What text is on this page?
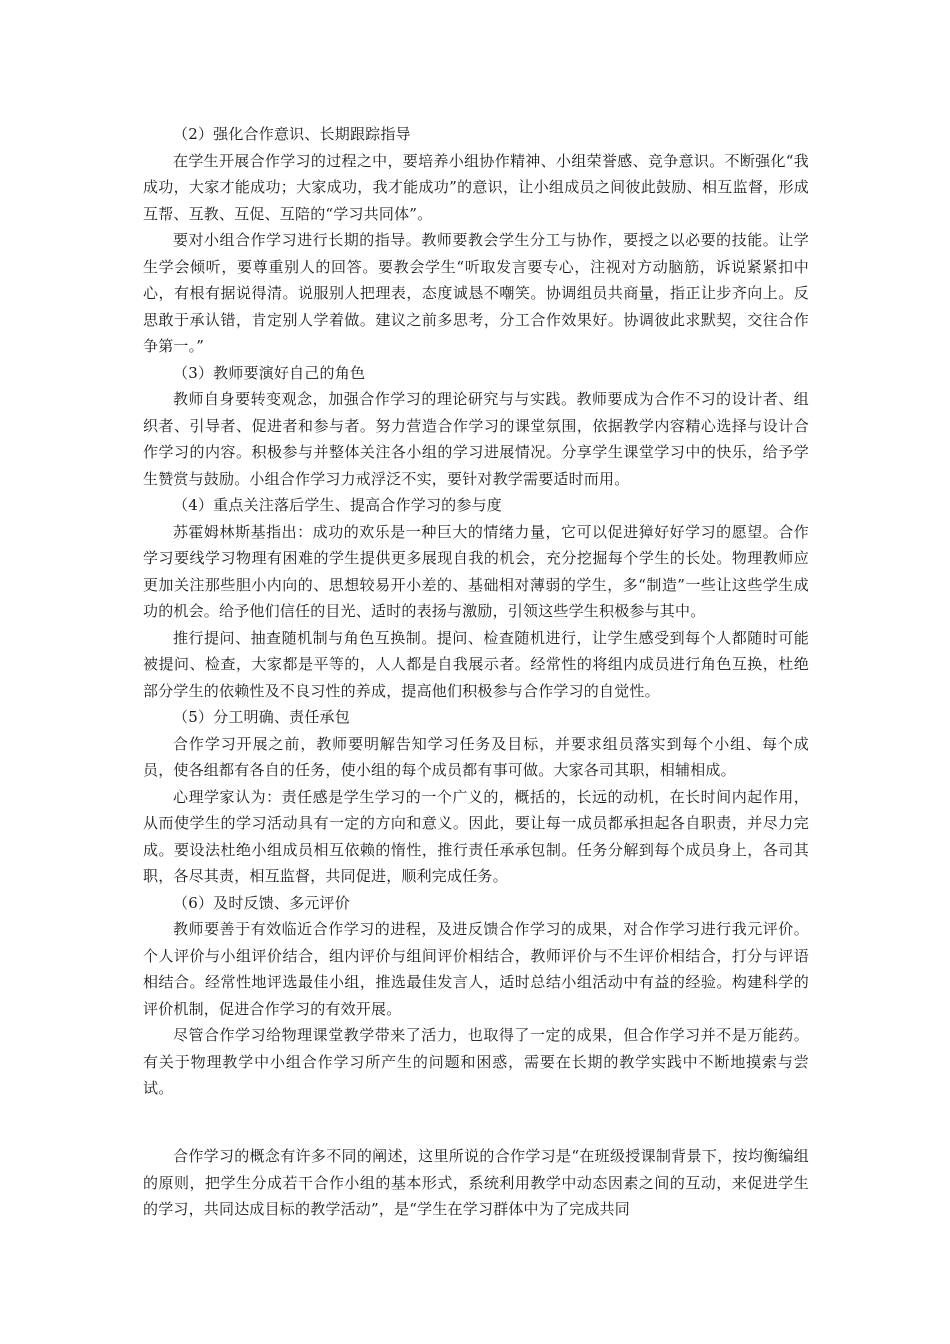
（2）强化合作意识、长期跟踪指导

在学生开展合作学习的过程之中，要培养小组协作精神、小组荣誉感、竞争意识。不断强化“我成功，大家才能成功；大家成功，我才能成功”的意识，让小组成员之间彼此鼓励、相互监督，形成互帮、互教、互促、互陪的“学习共同体”。

要对小组合作学习进行长期的指导。教师要教会学生分工与协作，要授之以必要的技能。让学生学会倾听，要尊重别人的回答。要教会学生“听取发言要专心，注视对方动脑筋，诉说紧紧扣中心，有根有据说得清。说服别人把理表，态度诚恳不嘲笑。协调组员共商量，指正让步齐向上。反思敢于承认错，肯定别人学着做。建议之前多思考，分工合作效果好。协调彼此求默契，交往合作争第一。”

（3）教师要演好自己的角色

教师自身要转变观念，加强合作学习的理论研究与与实践。教师要成为合作不习的设计者、组织者、引导者、促进者和参与者。努力营造合作学习的课堂氛围，依据教学内容精心选择与设计合作学习的内容。积极参与并整体关注各小组的学习进展情况。分享学生课堂学习中的快乐，给予学生赞赏与鼓励。小组合作学习力戒浮泛不实，要针对教学需要适时而用。

（4）重点关注落后学生、提高合作学习的参与度

苏霍姆林斯基指出：成功的欢乐是一种巨大的情绪力量，它可以促进獐好好学习的愿望。合作学习要线学习物理有困难的学生提供更多展现自我的机会，充分挖掘每个学生的长处。物理教师应更加关注那些胆小内向的、思想较易开小差的、基础相对薄弱的学生，多“制造”一些让这些学生成功的机会。给予他们信任的目光、适时的表扬与激励，引领这些学生积极参与其中。

推行提问、抽查随机制与角色互换制。提问、检查随机进行，让学生感受到每个人都随时可能被提问、检查，大家都是平等的，人人都是自我展示者。经常性的将组内成员进行角色互换，杜绝部分学生的依赖性及不良习性的养成，提高他们积极参与合作学习的自觉性。

（5）分工明确、责任承包

合作学习开展之前，教师要明解告知学习任务及目标，并要求组员落实到每个小组、每个成员，使各组都有各自的任务，使小组的每个成员都有事可做。大家各司其职，相辅相成。

心理学家认为：责任感是学生学习的一个广义的，概括的，长远的动机，在长时间内起作用，从而使学生的学习活动具有一定的方向和意义。因此，要让每一成员都承担起各自职责，并尽力完成。要设法杜绝小组成员相互依赖的惰性，推行责任承承包制。任务分解到每个成员身上，各司其职，各尽其责，相互监督，共同促进，顺利完成任务。

（6）及时反馈、多元评价

教师要善于有效临近合作学习的进程，及进反馈合作学习的成果，对合作学习进行我元评价。个人评价与小组评价结合，组内评价与组间评价相结合，教师评价与不生评价相结合，打分与评语相结合。经常性地评选最佳小组，推选最佳发言人，适时总结小组活动中有益的经验。构建科学的评价机制，促进合作学习的有效开展。

尽管合作学习给物理课堂教学带来了活力，也取得了一定的成果，但合作学习并不是万能药。有关于物理教学中小组合作学习所产生的问题和困惑，需要在长期的教学实践中不断地摸索与尝试。

合作学习的概念有许多不同的阐述，这里所说的合作学习是“在班级授课制背景下，按均衡编组的原则，把学生分成若干合作小组的基本形式，系统利用教学中动态因素之间的互动，来促进学生的学习，共同达成目标的教学活动”，是“学生在学习群体中为了完成共同
